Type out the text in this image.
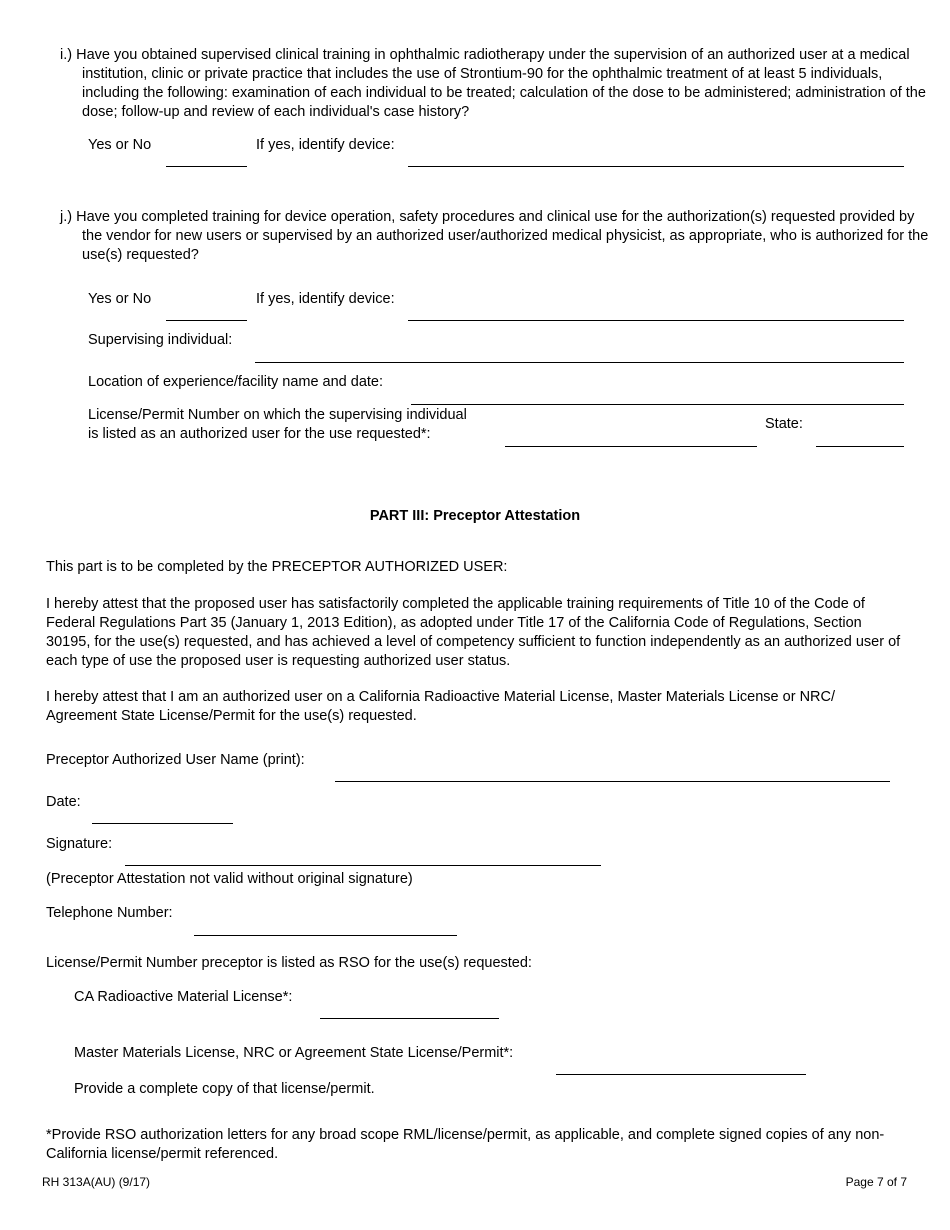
i.) Have you obtained supervised clinical training in ophthalmic radiotherapy under the supervision of an authorized user at a medical institution, clinic or private practice that includes the use of Strontium-90 for the ophthalmic treatment of at least 5 individuals, including the following: examination of each individual to be treated; calculation of the dose to be administered; administration of the dose; follow-up and review of each individual's case history?
Yes or No	If yes, identify device:
j.) Have you completed training for device operation, safety procedures and clinical use for the authorization(s) requested provided by the vendor for new users or supervised by an authorized user/authorized medical physicist, as appropriate, who is authorized for the use(s) requested?
Yes or No	If yes, identify device:
Supervising individual:
Location of experience/facility name and date:
License/Permit Number on which the supervising individual
is listed as an authorized user for the use requested*:
State:
PART III: Preceptor Attestation
This part is to be completed by the PRECEPTOR AUTHORIZED USER:
I hereby attest that the proposed user has satisfactorily completed the applicable training requirements of Title 10 of the Code of Federal Regulations Part 35 (January 1, 2013 Edition), as adopted under Title 17 of the California Code of Regulations, Section 30195, for the use(s) requested, and has achieved a level of competency sufficient to function independently as an authorized user of each type of use the proposed user is requesting authorized user status.
I hereby attest that I am an authorized user on a California Radioactive Material License, Master Materials License or NRC/ Agreement State License/Permit for the use(s) requested.
Preceptor Authorized User Name (print):
Date:
Signature:
(Preceptor Attestation not valid without original signature)
Telephone Number:
License/Permit Number preceptor is listed as RSO for the use(s) requested:
CA Radioactive Material License*:
Master Materials License, NRC or Agreement State License/Permit*:
Provide a complete copy of that license/permit.
*Provide RSO authorization letters for any broad scope RML/license/permit, as applicable, and complete signed copies of any non-California license/permit referenced.
RH 313A(AU) (9/17)	Page 7 of 7
